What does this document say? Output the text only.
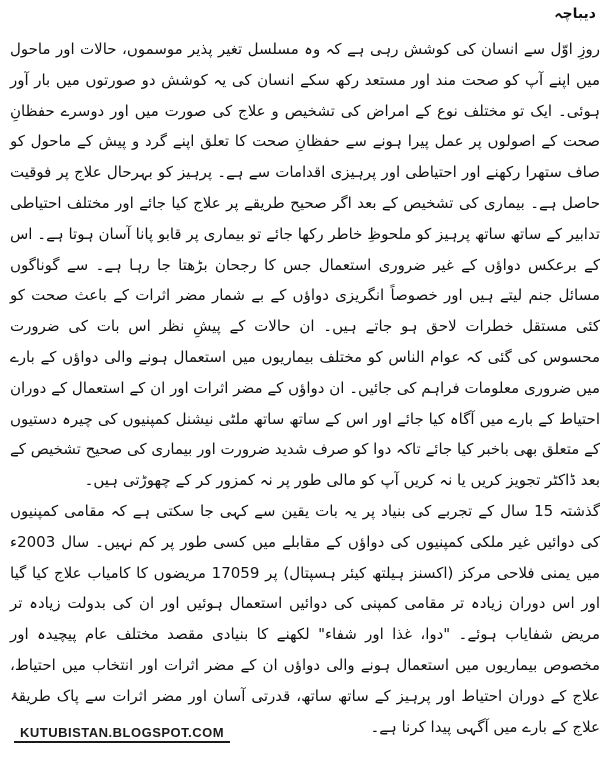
دیباچہ

روزِ اوّل سے انسان کی کوشش رہی ہے کہ وہ مسلسل تغیر پذیر موسموں، حالات اور ماحول میں اپنے آپ کو صحت مند اور مستعد رکھ سکے انسان کی یہ کوشش دو صورتوں میں بار آور ہوئی۔ ایک تو مختلف نوع کے امراض کی تشخیص و علاج کی صورت میں اور دوسرے حفظانِ صحت کے اصولوں پر عمل پیرا ہونے سے حفظانِ صحت کا تعلق اپنے گرد و پیش کے ماحول کو صاف ستھرا رکھنے اور احتیاطی اور پرہیزی اقدامات سے ہے۔ پرہیز کو بہرحال علاج پر فوقیت حاصل ہے۔ بیماری کی تشخیص کے بعد اگر صحیح طریقے پر علاج کیا جائے اور مختلف احتیاطی تدابیر کے ساتھ ساتھ پرہیز کو ملحوظِ خاطر رکھا جائے تو بیماری پر قابو پانا آسان ہوتا ہے۔ اس کے برعکس دواؤں کے غیر ضروری استعمال جس کا رجحان بڑھتا جا رہا ہے۔ سے گوناگوں مسائل جنم لیتے ہیں اور خصوصاً انگریزی دواؤں کے بے شمار مضر اثرات کے باعث صحت کو کئی مستقل خطرات لاحق ہو جاتے ہیں۔ ان حالات کے پیشِ نظر اس بات کی ضرورت محسوس کی گئی کہ عوام الناس کو مختلف بیماریوں میں استعمال ہونے والی دواؤں کے بارے میں ضروری معلومات فراہم کی جائیں۔ ان دواؤں کے مضر اثرات اور ان کے استعمال کے دوران احتیاط کے بارے میں آگاہ کیا جائے اور اس کے ساتھ ساتھ ملٹی نیشنل کمپنیوں کی چیرہ دستیوں کے متعلق بھی باخبر کیا جائے تاکہ دوا کو صرف شدید ضرورت اور بیماری کی صحیح تشخیص کے بعد ڈاکٹر تجویز کریں یا نہ کریں آپ کو مالی طور پر نہ کمزور کر کے چھوڑتی ہیں۔

گذشتہ 15 سال کے تجربے کی بنیاد پر یہ بات یقین سے کہی جا سکتی ہے کہ مقامی کمپنیوں کی دوائیں غیر ملکی کمپنیوں کی دواؤں کے مقابلے میں کسی طور پر کم نہیں۔ سال 2003ء میں یمنی فلاحی مرکز (اکسنز ہیلتھ کیئر ہسپتال) پر 17059 مریضوں کا کامیاب علاج کیا گیا اور اس دوران زیادہ تر مقامی کمپنی کی دوائیں استعمال ہوئیں اور ان کی بدولت زیادہ تر مریض شفایاب ہوئے۔ "دوا، غذا اور شفاء" لکھنے کا بنیادی مقصد مختلف عام پیچیدہ اور مخصوص بیماریوں میں استعمال ہونے والی دواؤں ان کے مضر اثرات اور انتخاب میں احتیاط، علاج کے دوران احتیاط اور پرہیز کے ساتھ ساتھ، قدرتی آسان اور مضر اثرات سے پاک طریقۂ علاج کے بارے میں آگہی پیدا کرنا ہے۔

KUTUBISTAN.BLOGSPOT.COM
